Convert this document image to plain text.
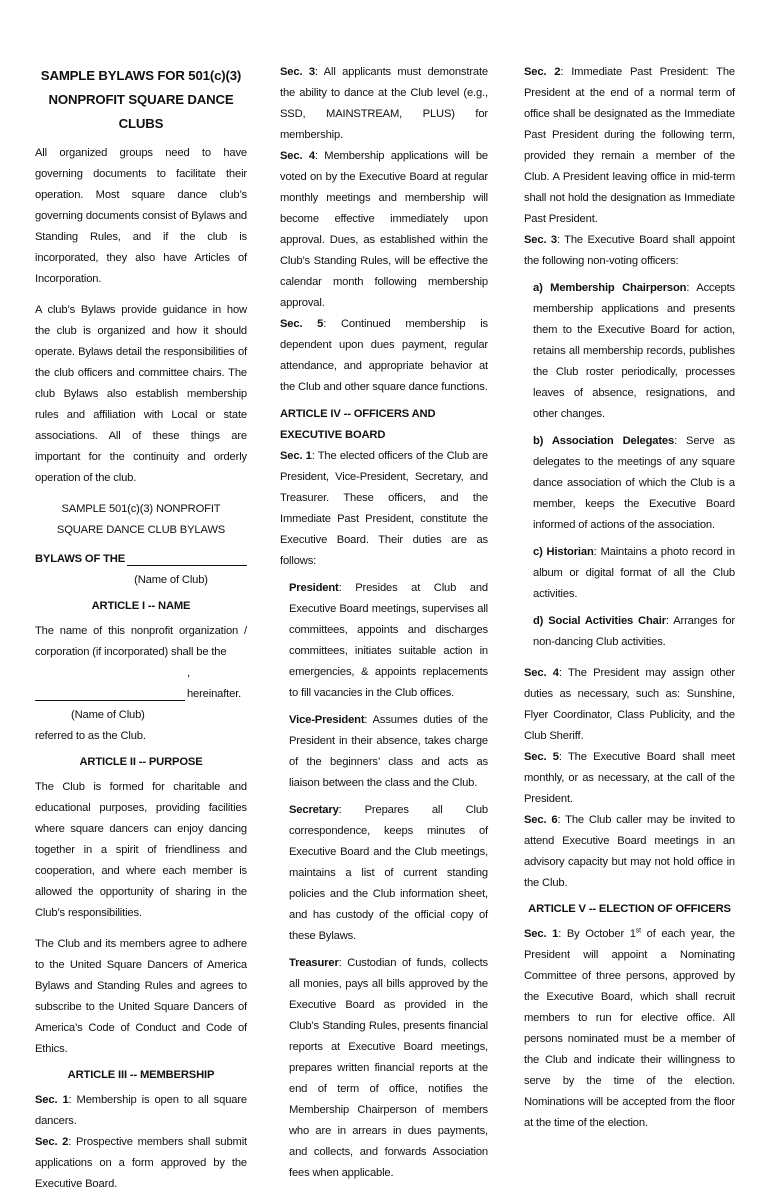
SAMPLE BYLAWS FOR 501(c)(3)
NONPROFIT SQUARE DANCE CLUBS

All organized groups need to have governing documents to facilitate their operation. Most square dance club’s governing documents consist of Bylaws and Standing Rules, and if the club is incorporated, they also have Articles of Incorporation.

A club’s Bylaws provide guidance in how the club is organized and how it should operate. Bylaws detail the responsibilities of the club officers and committee chairs. The club Bylaws also establish membership rules and affiliation with Local or state associations. All of these things are important for the continuity and orderly operation of the club.

SAMPLE 501(c)(3) NONPROFIT
SQUARE DANCE CLUB BYLAWS
BYLAWS OF THE
(Name of Club)
ARTICLE I -- NAME

The name of this nonprofit organization / corporation (if incorporated) shall be the

, hereinafter.
(Name of Club)
referred to as the Club.
ARTICLE II -- PURPOSE

The Club is formed for charitable and educational purposes, providing facilities where square dancers can enjoy dancing together in a spirit of friendliness and cooperation, and where each member is allowed the opportunity of sharing in the Club’s responsibilities.

The Club and its members agree to adhere to the United Square Dancers of America Bylaws and Standing Rules and agrees to subscribe to the United Square Dancers of America’s Code of Conduct and Code of Ethics.

ARTICLE III -- MEMBERSHIP

Sec. 1: Membership is open to all square dancers.

Sec. 2: Prospective members shall submit applications on a form approved by the Executive Board.

Sec. 3: All applicants must demonstrate the ability to dance at the Club level (e.g., SSD, MAINSTREAM, PLUS) for membership.

Sec. 4: Membership applications will be voted on by the Executive Board at regular monthly meetings and membership will become effective immediately upon approval. Dues, as established within the Club’s Standing Rules, will be effective the calendar month following membership approval.

Sec. 5: Continued membership is dependent upon dues payment, regular attendance, and appropriate behavior at the Club and other square dance functions.

ARTICLE IV -- OFFICERS AND EXECUTIVE BOARD

Sec. 1: The elected officers of the Club are President, Vice-President, Secretary, and Treasurer. These officers, and the Immediate Past President, constitute the Executive Board. Their duties are as follows:

President: Presides at Club and Executive Board meetings, supervises all committees, appoints and discharges committees, initiates suitable action in emergencies, & appoints replacements to fill vacancies in the Club offices.

Vice-President: Assumes duties of the President in their absence, takes charge of the beginners’ class and acts as liaison between the class and the Club.

Secretary: Prepares all Club correspondence, keeps minutes of Executive Board and the Club meetings, maintains a list of current standing policies and the Club information sheet, and has custody of the official copy of these Bylaws.

Treasurer: Custodian of funds, collects all monies, pays all bills approved by the Executive Board as provided in the Club’s Standing Rules, presents financial reports at Executive Board meetings, prepares written financial reports at the end of term of office, notifies the Membership Chairperson of members who are in arrears in dues payments, and collects, and forwards Association fees when applicable.

Sec. 2: Immediate Past President: The President at the end of a normal term of office shall be designated as the Immediate Past President during the following term, provided they remain a member of the Club. A President leaving office in mid-term shall not hold the designation as Immediate Past President.

Sec. 3: The Executive Board shall appoint the following non-voting officers:

a) Membership Chairperson: Accepts membership applications and presents them to the Executive Board for action, retains all membership records, publishes the Club roster periodically, processes leaves of absence, resignations, and other changes.

b) Association Delegates: Serve as delegates to the meetings of any square dance association of which the Club is a member, keeps the Executive Board informed of actions of the association.

c) Historian: Maintains a photo record in album or digital format of all the Club activities.

d) Social Activities Chair: Arranges for non-dancing Club activities.

Sec. 4: The President may assign other duties as necessary, such as: Sunshine, Flyer Coordinator, Class Publicity, and the Club Sheriff.

Sec. 5: The Executive Board shall meet monthly, or as necessary, at the call of the President.

Sec. 6: The Club caller may be invited to attend Executive Board meetings in an advisory capacity but may not hold office in the Club.

ARTICLE V -- ELECTION OF OFFICERS

Sec. 1: By October 1st of each year, the President will appoint a Nominating Committee of three persons, approved by the Executive Board, which shall recruit members to run for elective office. All persons nominated must be a member of the Club and indicate their willingness to serve by the time of the election. Nominations will be accepted from the floor at the time of the election.
